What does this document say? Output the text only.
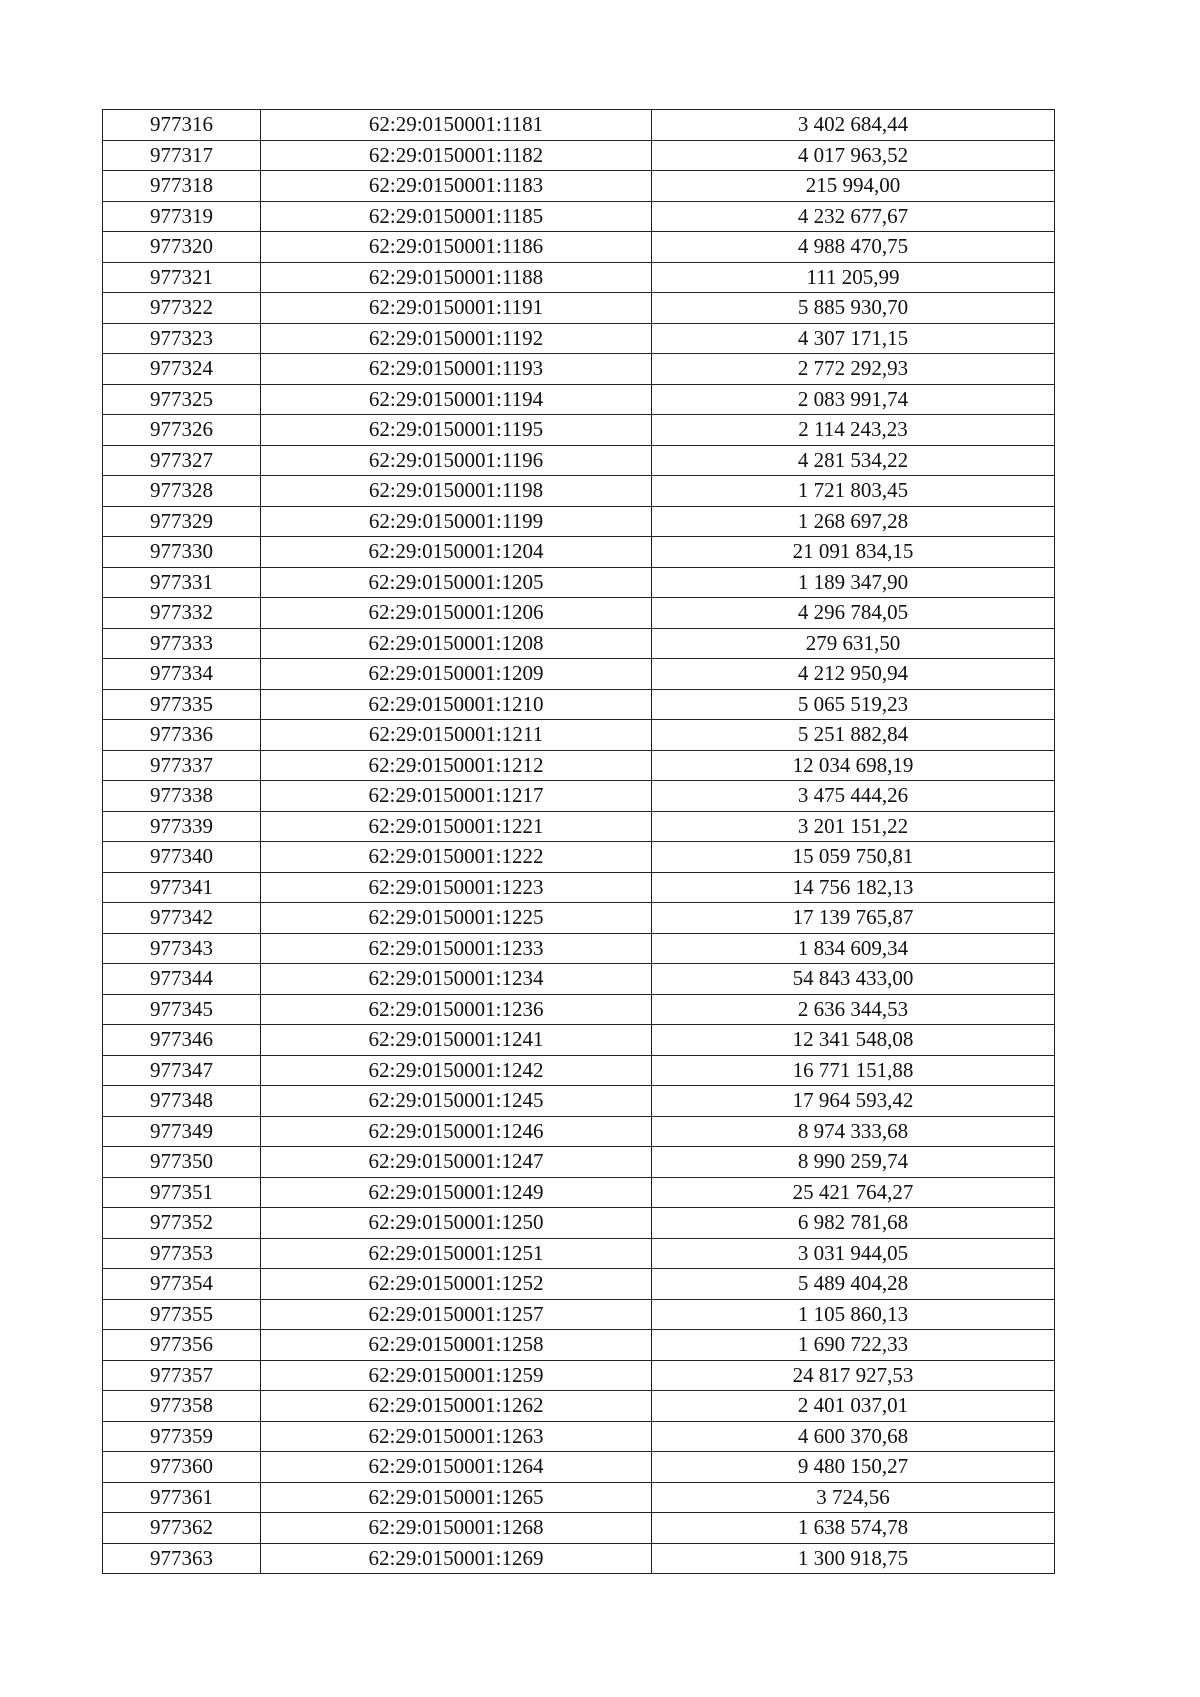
977316	62:29:0150001:1181	3 402 684,44
977317	62:29:0150001:1182	4 017 963,52
977318	62:29:0150001:1183	215 994,00
977319	62:29:0150001:1185	4 232 677,67
977320	62:29:0150001:1186	4 988 470,75
977321	62:29:0150001:1188	111 205,99
977322	62:29:0150001:1191	5 885 930,70
977323	62:29:0150001:1192	4 307 171,15
977324	62:29:0150001:1193	2 772 292,93
977325	62:29:0150001:1194	2 083 991,74
977326	62:29:0150001:1195	2 114 243,23
977327	62:29:0150001:1196	4 281 534,22
977328	62:29:0150001:1198	1 721 803,45
977329	62:29:0150001:1199	1 268 697,28
977330	62:29:0150001:1204	21 091 834,15
977331	62:29:0150001:1205	1 189 347,90
977332	62:29:0150001:1206	4 296 784,05
977333	62:29:0150001:1208	279 631,50
977334	62:29:0150001:1209	4 212 950,94
977335	62:29:0150001:1210	5 065 519,23
977336	62:29:0150001:1211	5 251 882,84
977337	62:29:0150001:1212	12 034 698,19
977338	62:29:0150001:1217	3 475 444,26
977339	62:29:0150001:1221	3 201 151,22
977340	62:29:0150001:1222	15 059 750,81
977341	62:29:0150001:1223	14 756 182,13
977342	62:29:0150001:1225	17 139 765,87
977343	62:29:0150001:1233	1 834 609,34
977344	62:29:0150001:1234	54 843 433,00
977345	62:29:0150001:1236	2 636 344,53
977346	62:29:0150001:1241	12 341 548,08
977347	62:29:0150001:1242	16 771 151,88
977348	62:29:0150001:1245	17 964 593,42
977349	62:29:0150001:1246	8 974 333,68
977350	62:29:0150001:1247	8 990 259,74
977351	62:29:0150001:1249	25 421 764,27
977352	62:29:0150001:1250	6 982 781,68
977353	62:29:0150001:1251	3 031 944,05
977354	62:29:0150001:1252	5 489 404,28
977355	62:29:0150001:1257	1 105 860,13
977356	62:29:0150001:1258	1 690 722,33
977357	62:29:0150001:1259	24 817 927,53
977358	62:29:0150001:1262	2 401 037,01
977359	62:29:0150001:1263	4 600 370,68
977360	62:29:0150001:1264	9 480 150,27
977361	62:29:0150001:1265	3 724,56
977362	62:29:0150001:1268	1 638 574,78
977363	62:29:0150001:1269	1 300 918,75
